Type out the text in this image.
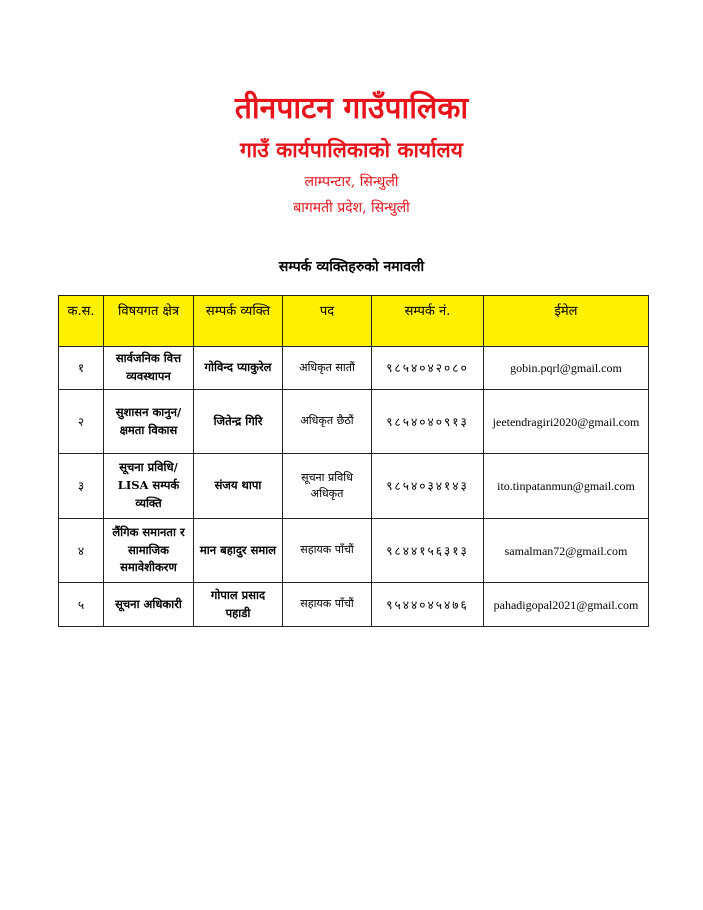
तीनपाटन गाउँपालिका
गाउँ कार्यपालिकाको कार्यालय
लाम्पन्टार, सिन्धुली
बागमती प्रदेश, सिन्धुली
सम्पर्क व्यक्तिहरुको नमावली
क.स.	विषयगत क्षेत्र	सम्पर्क व्यक्ति	पद	सम्पर्क नं.	ईमेल
१	सार्वजनिक वित्त व्यवस्थापन	गोविन्द प्याकुरेल	अधिकृत सातौं	९८५४०४२०८०	gobin.pqrl@gmail.com
२	सुशासन कानुन/ क्षमता विकास	जितेन्द्र गिरि	अधिकृत छैठौं	९८५४०४०९१३	jeetendragiri2020@gmail.com
३	सूचना प्रविधि/ LISA सम्पर्क व्यक्ति	संजय थापा	सूचना प्रविधि अधिकृत	९८५४०३४१४३	ito.tinpatanmun@gmail.com
४	लैंगिक समानता र सामाजिक समावेशीकरण	मान बहादुर समाल	सहायक पाँचौं	९८४४१५६३१३	samalman72@gmail.com
५	सूचना अधिकारी	गोपाल प्रसाद पहाडी	सहायक पाँचौं	९५४४०४५४७६	pahadigopal2021@gmail.com
